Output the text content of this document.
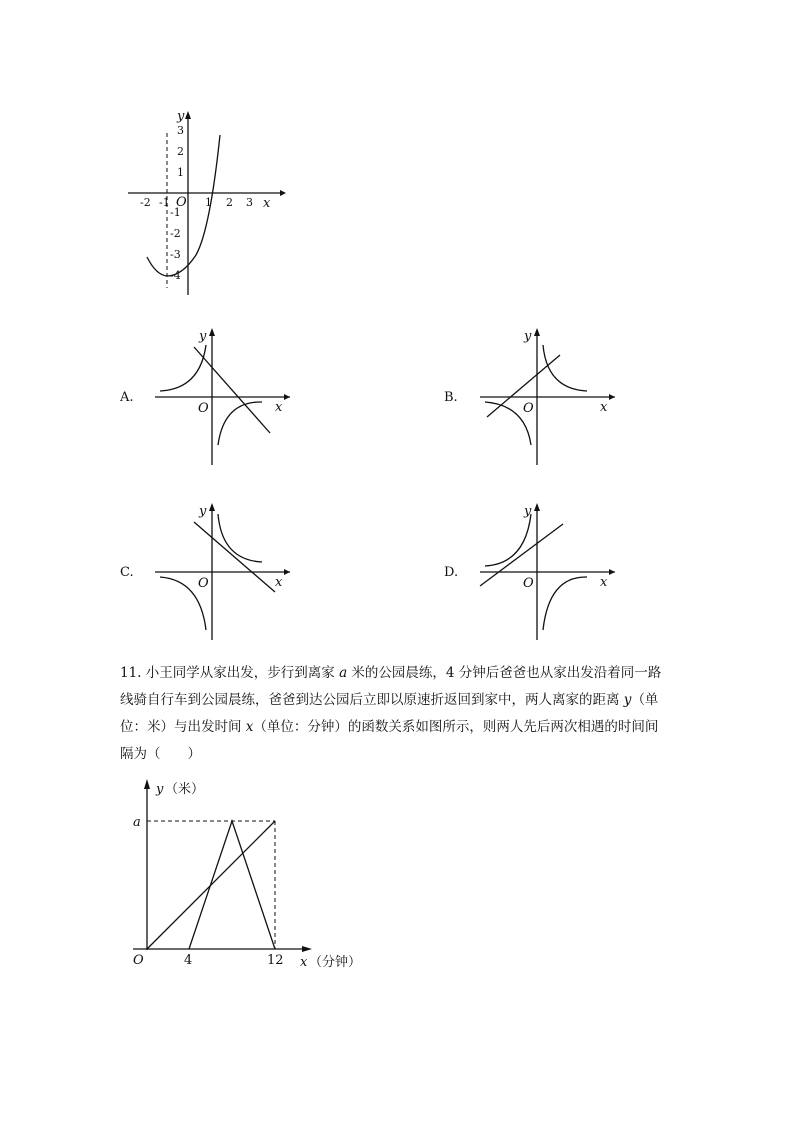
y
x
O
-2 -1	1 2 3
3
2
1
-1
-2
-3
-4
A.
y
x
O
B.
y
x
O
C.
y
x
O
D.
y
x
O

11. 小王同学从家出发，步行到离家 a 米的公园晨练，4 分钟后爸爸也从家出发沿着同一路

线骑自行车到公园晨练，爸爸到达公园后立即以原速折返回到家中，两人离家的距离 y（单

位：米）与出发时间 x（单位：分钟）的函数关系如图所示，则两人先后两次相遇的时间间

隔为（　　）

y （米）
a
O	4	12 x （分钟）
